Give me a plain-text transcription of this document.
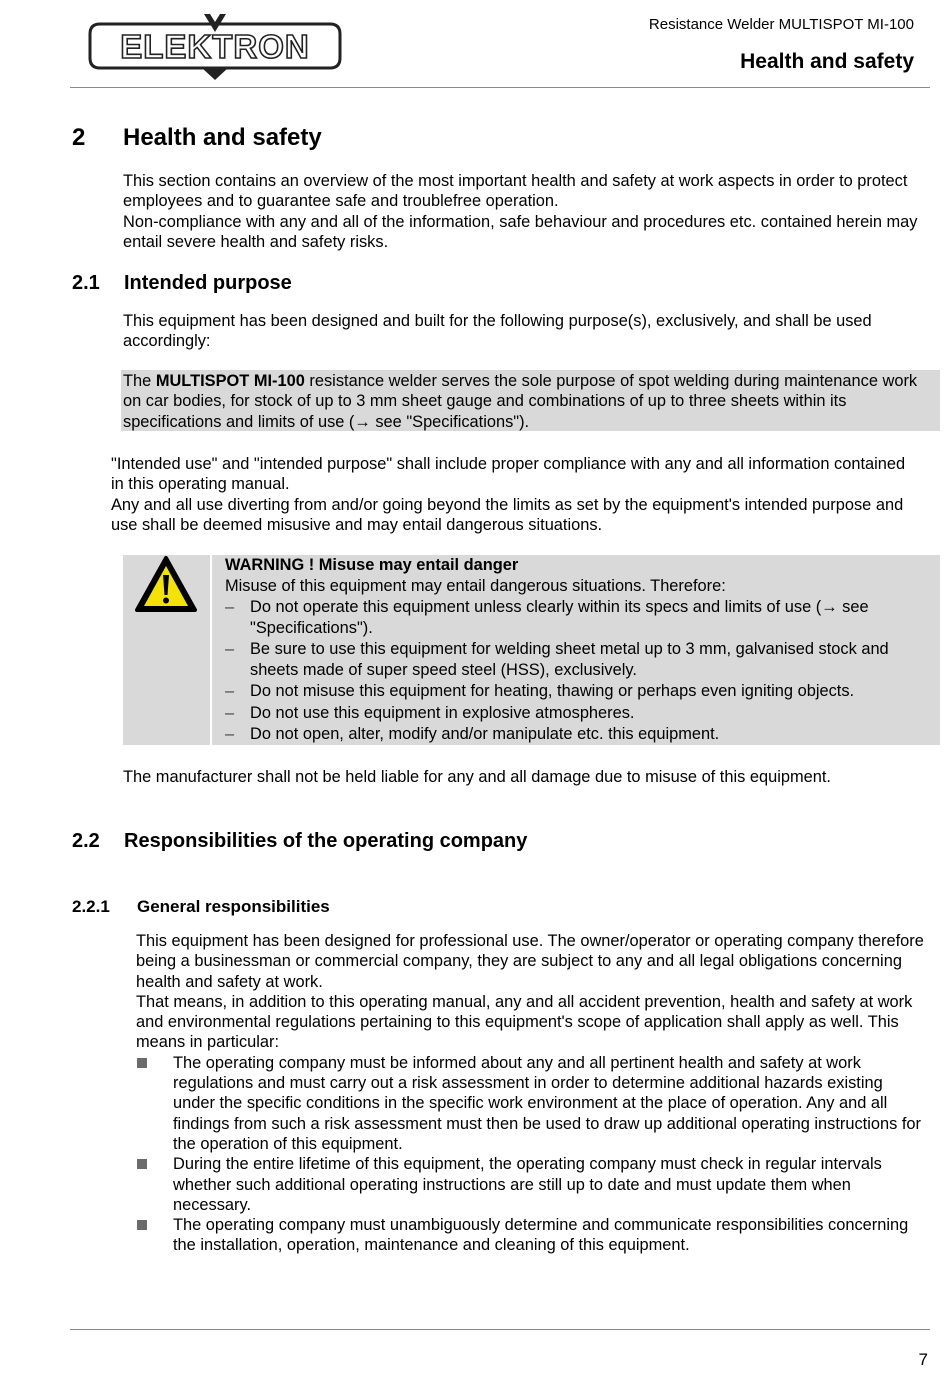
ELEKTRON
Resistance Welder MULTISPOT MI-100
Health and safety
2 Health and safety

This section contains an overview of the most important health and safety at work aspects in order to protect employees and to guarantee safe and troublefree operation.

Non-compliance with any and all of the information, safe behaviour and procedures etc. contained herein may entail severe health and safety risks.

2.1 Intended purpose

This equipment has been designed and built for the following purpose(s), exclusively, and shall be used accordingly:

The MULTISPOT MI-100 resistance welder serves the sole purpose of spot welding during maintenance work on car bodies, for stock of up to 3 mm sheet gauge and combinations of up to three sheets within its specifications and limits of use (→ see "Specifications").

"Intended use" and "intended purpose" shall include proper compliance with any and all information contained in this operating manual.

Any and all use diverting from and/or going beyond the limits as set by the equipment's intended purpose and use shall be deemed misusive and may entail dangerous situations.

WARNING ! Misuse may entail danger
Misuse of this equipment may entail dangerous situations. Therefore:
– Do not operate this equipment unless clearly within its specs and limits of use (→ see "Specifications").
– Be sure to use this equipment for welding sheet metal up to 3 mm, galvanised stock and sheets made of super speed steel (HSS), exclusively.
– Do not misuse this equipment for heating, thawing or perhaps even igniting objects.
– Do not use this equipment in explosive atmospheres.
– Do not open, alter, modify and/or manipulate etc. this equipment.

The manufacturer shall not be held liable for any and all damage due to misuse of this equipment.

2.2 Responsibilities of the operating company
2.2.1 General responsibilities

This equipment has been designed for professional use. The owner/operator or operating company therefore being a businessman or commercial company, they are subject to any and all legal obligations concerning health and safety at work.

That means, in addition to this operating manual, any and all accident prevention, health and safety at work and environmental regulations pertaining to this equipment's scope of application shall apply as well. This means in particular:

The operating company must be informed about any and all pertinent health and safety at work regulations and must carry out a risk assessment in order to determine additional hazards existing under the specific conditions in the specific work environment at the place of operation. Any and all findings from such a risk assessment must then be used to draw up additional operating instructions for the operation of this equipment.
During the entire lifetime of this equipment, the operating company must check in regular intervals whether such additional operating instructions are still up to date and must update them when necessary.
The operating company must unambiguously determine and communicate responsibilities concerning the installation, operation, maintenance and cleaning of this equipment.
7
